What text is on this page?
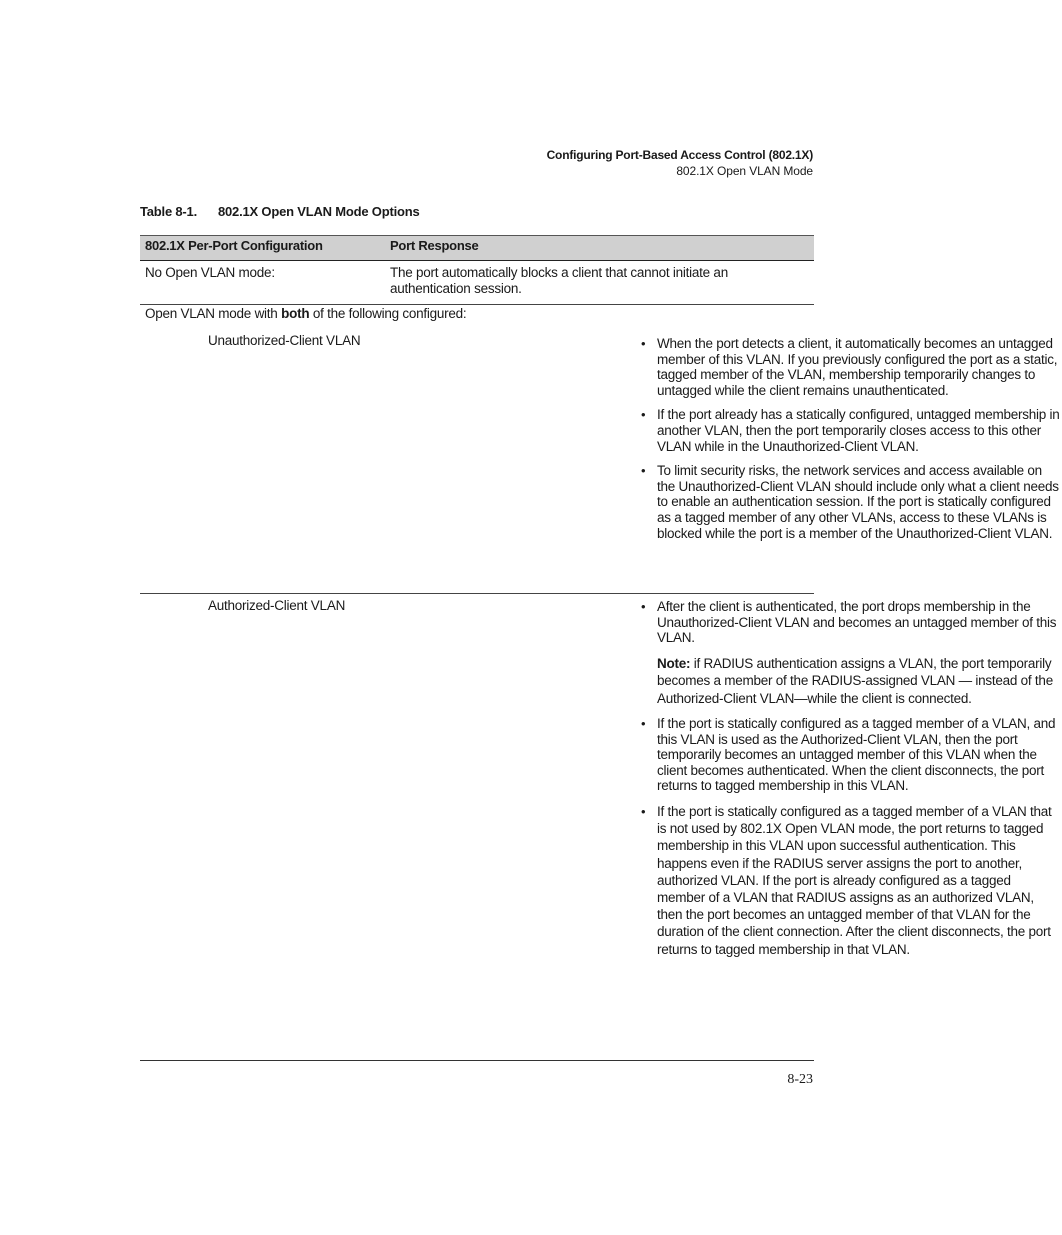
Configuring Port-Based Access Control (802.1X)
802.1X Open VLAN Mode
Table 8-1. 802.1X Open VLAN Mode Options
802.1X Per-Port Configuration	Port Response
No Open VLAN mode:	The port automatically blocks a client that cannot initiate an authentication session.
Open VLAN mode with both of the following configured:
Unauthorized-Client VLAN	• When the port detects a client, it automatically becomes an untagged member of this VLAN. If you previously configured the port as a static, tagged member of the VLAN, membership temporarily changes to untagged while the client remains unauthenticated.
• If the port already has a statically configured, untagged membership in another VLAN, then the port temporarily closes access to this other VLAN while in the Unauthorized-Client VLAN.
• To limit security risks, the network services and access available on the Unauthorized-Client VLAN should include only what a client needs to enable an authentication session. If the port is statically configured as a tagged member of any other VLANs, access to these VLANs is blocked while the port is a member of the Unauthorized-Client VLAN.
Authorized-Client VLAN	• After the client is authenticated, the port drops membership in the Unauthorized-Client VLAN and becomes an untagged member of this VLAN.
Note: if RADIUS authentication assigns a VLAN, the port temporarily becomes a member of the RADIUS-assigned VLAN — instead of the Authorized-Client VLAN—while the client is connected.
• If the port is statically configured as a tagged member of a VLAN, and this VLAN is used as the Authorized-Client VLAN, then the port temporarily becomes an untagged member of this VLAN when the client becomes authenticated. When the client disconnects, the port returns to tagged membership in this VLAN.
• If the port is statically configured as a tagged member of a VLAN that is not used by 802.1X Open VLAN mode, the port returns to tagged membership in this VLAN upon successful authentication. This happens even if the RADIUS server assigns the port to another, authorized VLAN. If the port is already configured as a tagged member of a VLAN that RADIUS assigns as an authorized VLAN, then the port becomes an untagged member of that VLAN for the duration of the client connection. After the client disconnects, the port returns to tagged membership in that VLAN.
8-23
